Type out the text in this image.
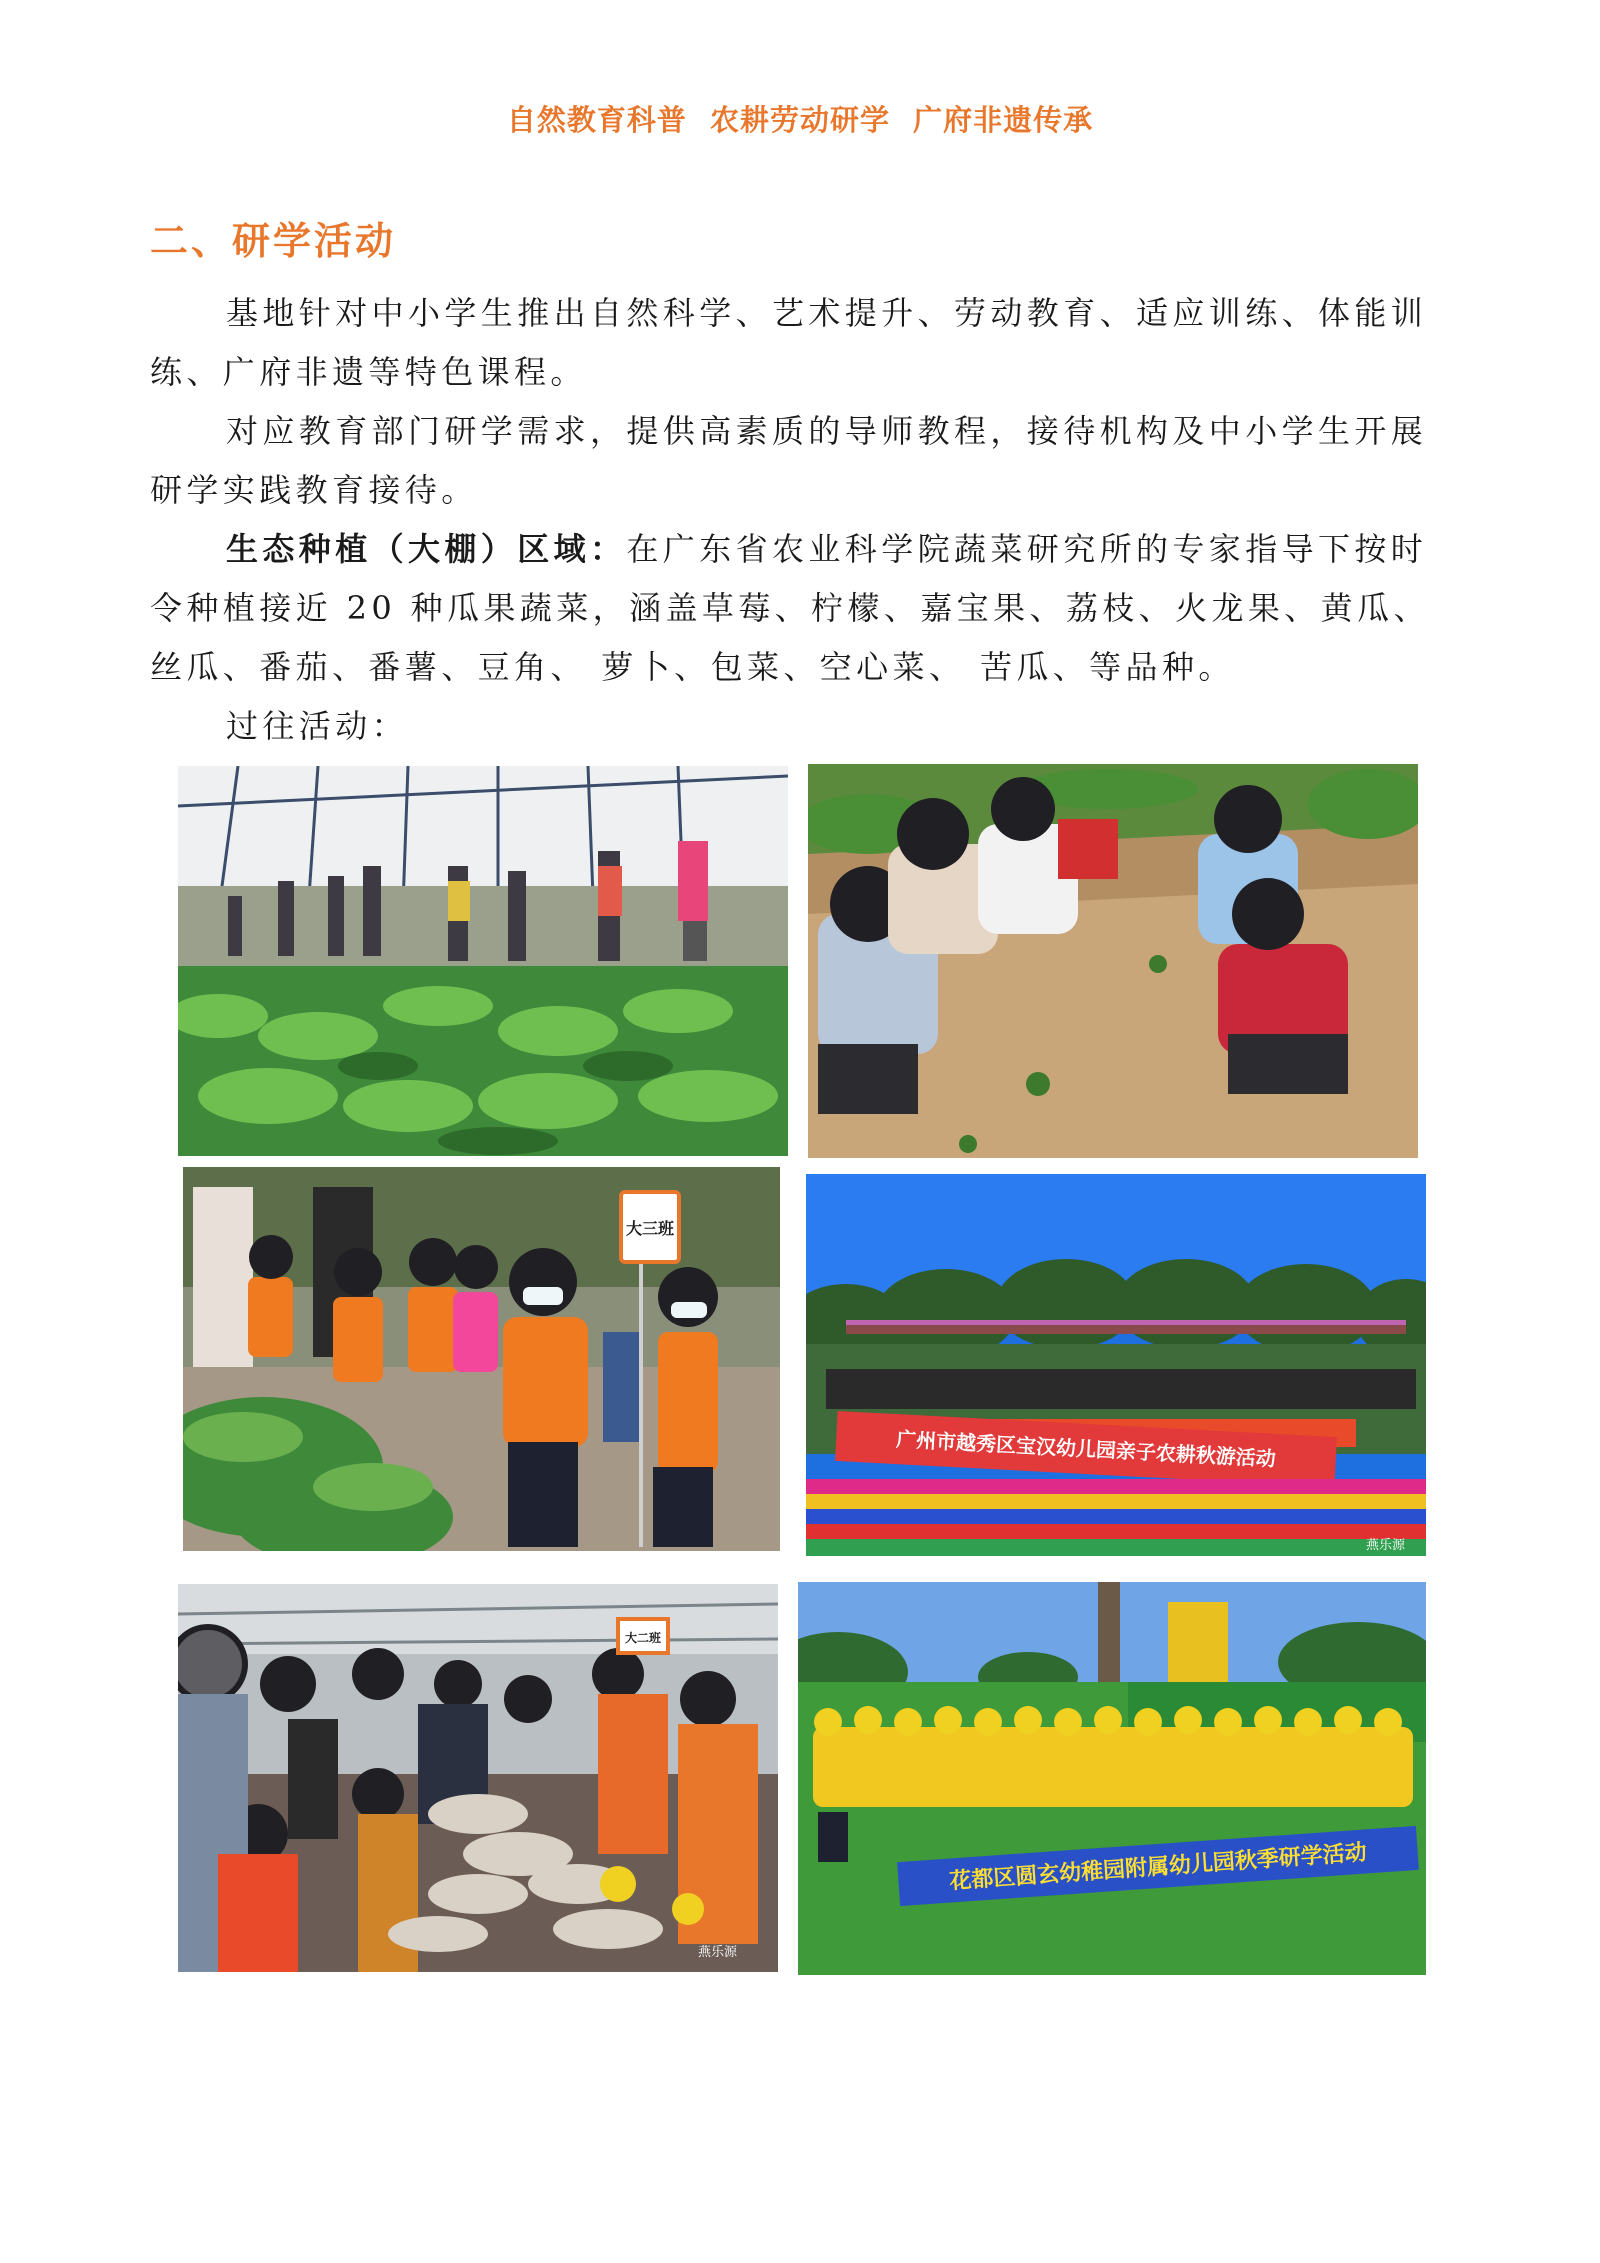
自然教育科普 农耕劳动研学 广府非遗传承
二、研学活动

基地针对中小学生推出自然科学、艺术提升、劳动教育、适应训练、体能训练、广府非遗等特色课程。

对应教育部门研学需求，提供高素质的导师教程，接待机构及中小学生开展研学实践教育接待。

生态种植（大棚）区域：在广东省农业科学院蔬菜研究所的专家指导下按时令种植接近 20 种瓜果蔬菜，涵盖草莓、柠檬、嘉宝果、荔枝、火龙果、黄瓜、丝瓜、番茄、番薯、豆角、 萝卜、包菜、空心菜、 苦瓜、等品种。

过往活动：

大三班
广州市越秀区宝汉幼儿园亲子农耕秋游活动
燕乐源
大二班
燕乐源
花都区圆玄幼稚园附属幼儿园秋季研学活动
